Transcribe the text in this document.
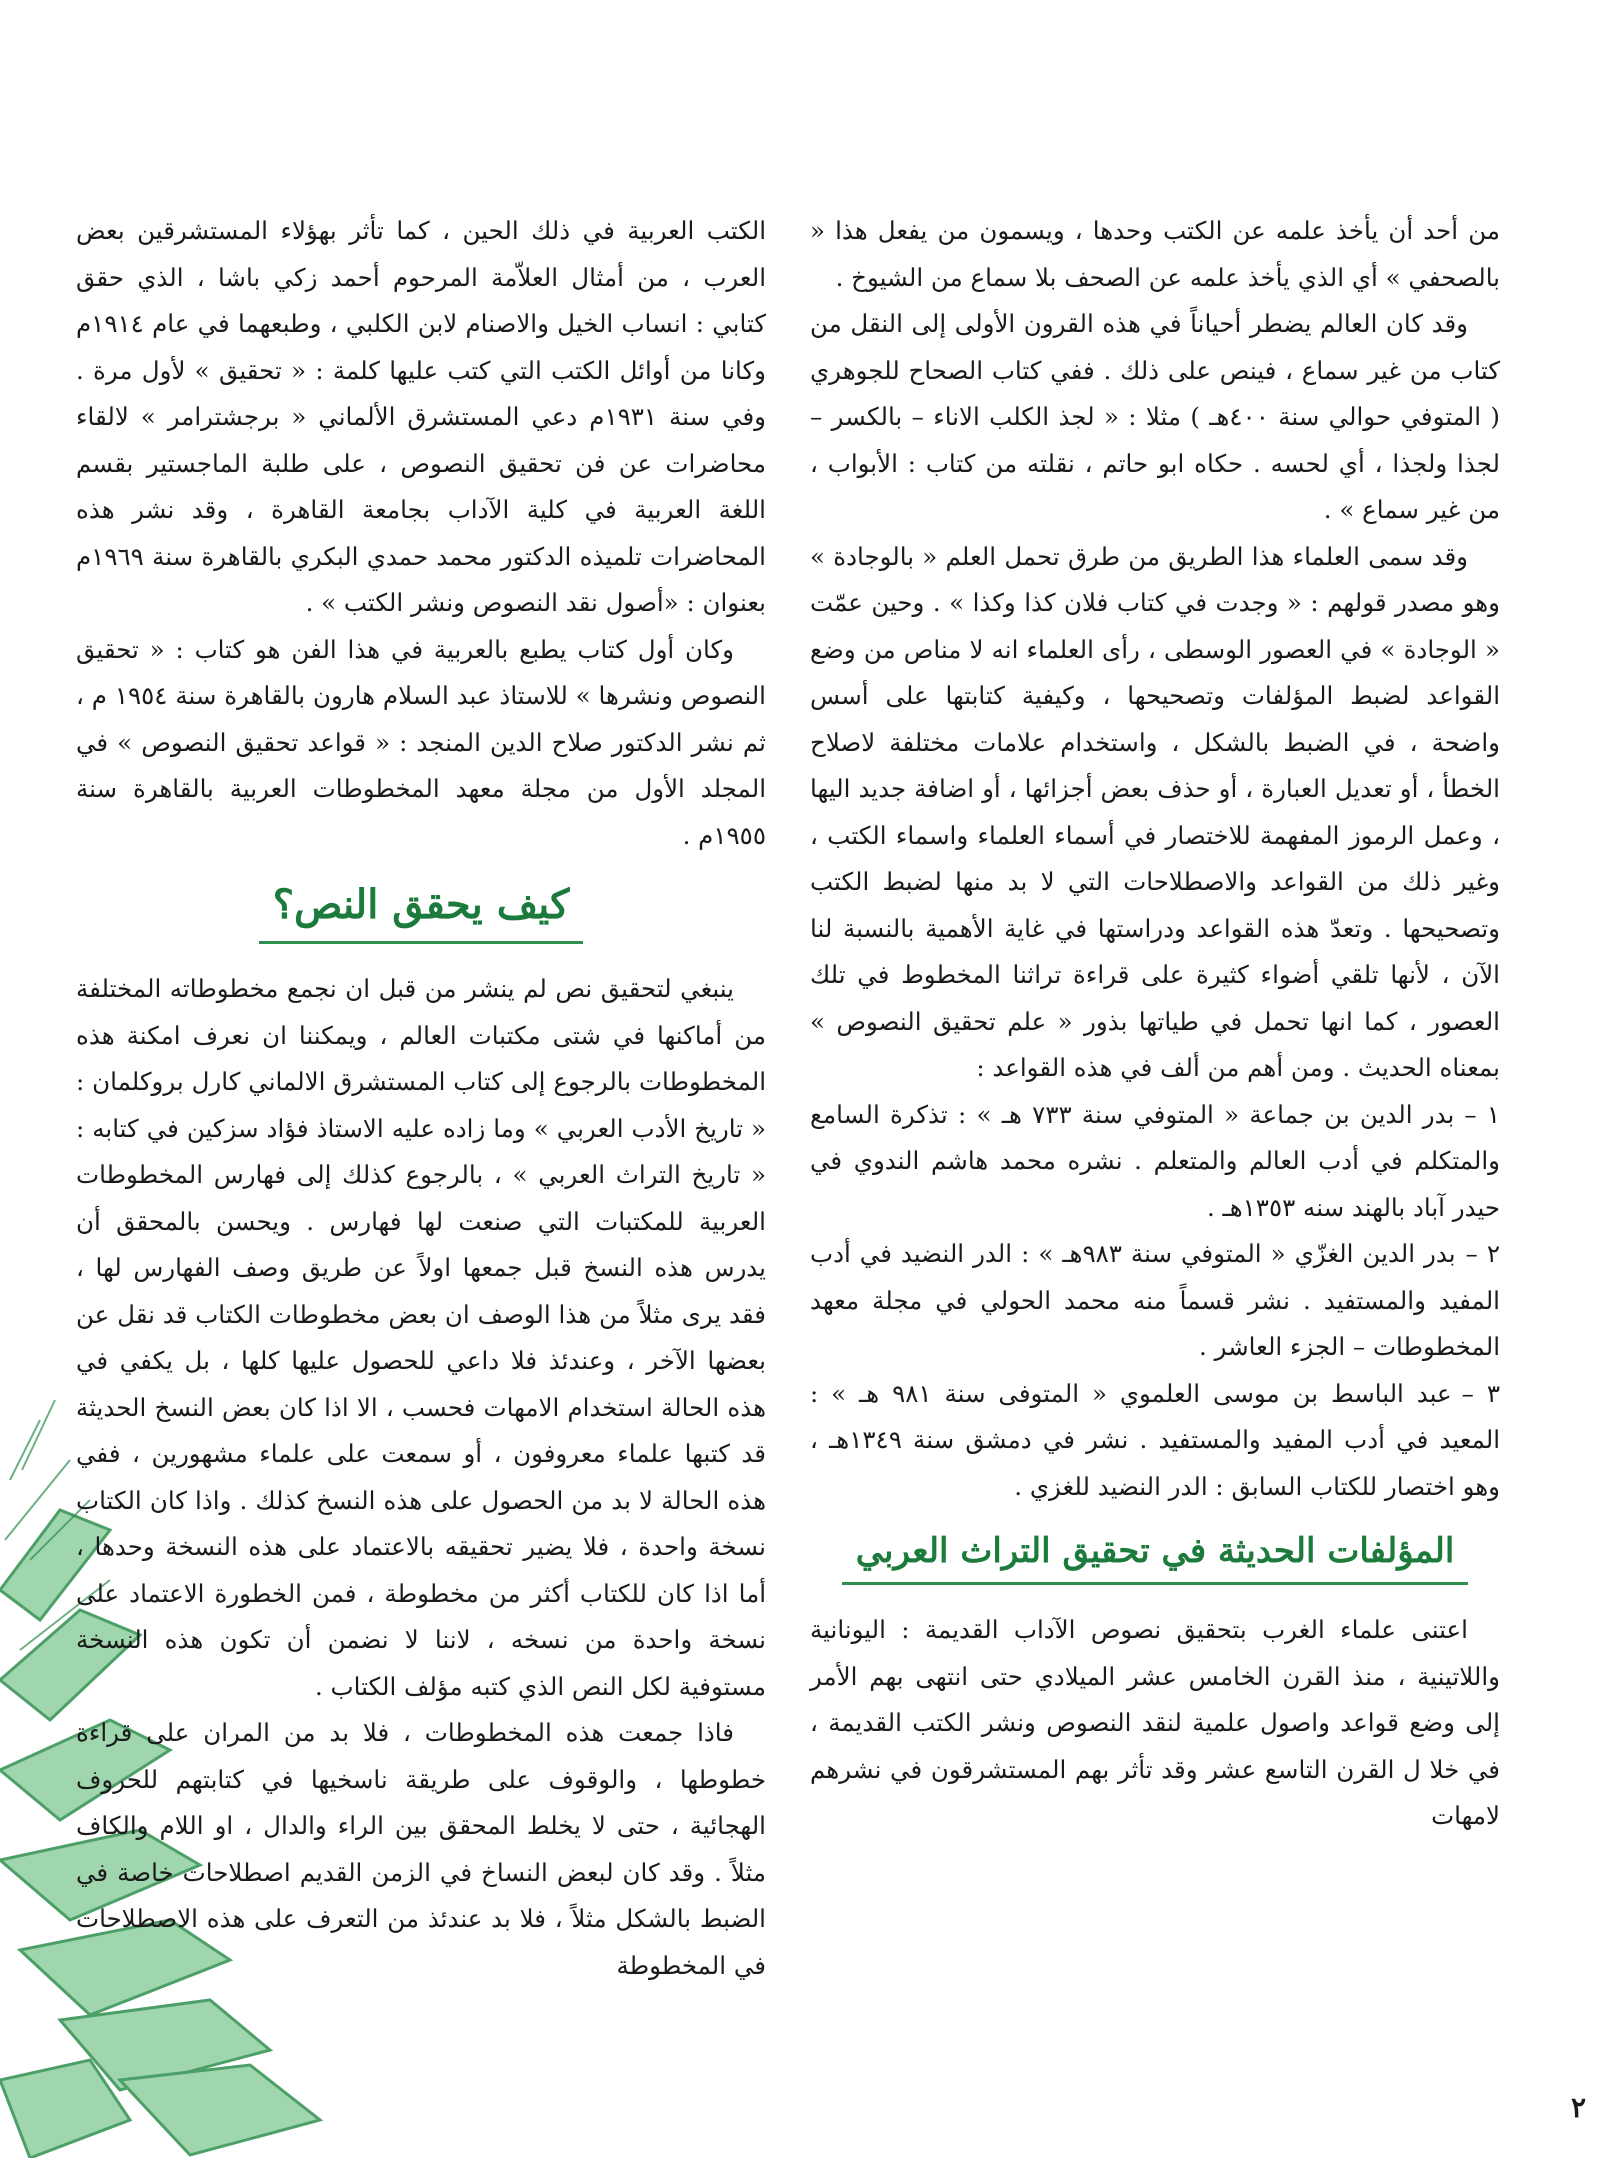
من أحد أن يأخذ علمه عن الكتب وحدها ، ويسمون من يفعل هذا « بالصحفي » أي الذي يأخذ علمه عن الصحف بلا سماع من الشيوخ .

وقد كان العالم يضطر أحياناً في هذه القرون الأولى إلى النقل من كتاب من غير سماع ، فينص على ذلك . ففي كتاب الصحاح للجوهري ( المتوفي حوالي سنة ٤٠٠هـ ) مثلا : « لجذ الكلب الاناء – بالكسر – لجذا ولجذا ، أي لحسه . حكاه ابو حاتم ، نقلته من كتاب : الأبواب ، من غير سماع » .

وقد سمى العلماء هذا الطريق من طرق تحمل العلم « بالوجادة » وهو مصدر قولهم : « وجدت في كتاب فلان كذا وكذا » . وحين عمّت « الوجادة » في العصور الوسطى ، رأى العلماء انه لا مناص من وضع القواعد لضبط المؤلفات وتصحيحها ، وكيفية كتابتها على أسس واضحة ، في الضبط بالشكل ، واستخدام علامات مختلفة لاصلاح الخطأ ، أو تعديل العبارة ، أو حذف بعض أجزائها ، أو اضافة جديد اليها ، وعمل الرموز المفهمة للاختصار في أسماء العلماء واسماء الكتب ، وغير ذلك من القواعد والاصطلاحات التي لا بد منها لضبط الكتب وتصحيحها . وتعدّ هذه القواعد ودراستها في غاية الأهمية بالنسبة لنا الآن ، لأنها تلقي أضواء كثيرة على قراءة تراثنا المخطوط في تلك العصور ، كما انها تحمل في طياتها بذور « علم تحقيق النصوص » بمعناه الحديث . ومن أهم من ألف في هذه القواعد :

١ –بدر الدين بن جماعة « المتوفي سنة ٧٣٣ هـ » : تذكرة السامع والمتكلم في أدب العالم والمتعلم . نشره محمد هاشم الندوي في حيدر آباد بالهند سنه ١٣٥٣هـ .
٢ –بدر الدين الغزّي « المتوفي سنة ٩٨٣هـ » : الدر النضيد في أدب المفيد والمستفيد . نشر قسماً منه محمد الحولي في مجلة معهد المخطوطات – الجزء العاشر .
٣ –عبد الباسط بن موسى العلموي « المتوفى سنة ٩٨١ هـ » : المعيد في أدب المفيد والمستفيد . نشر في دمشق سنة ١٣٤٩هـ ، وهو اختصار للكتاب السابق : الدر النضيد للغزي .
المؤلفات الحديثة في تحقيق التراث العربي

اعتنى علماء الغرب بتحقيق نصوص الآداب القديمة : اليونانية واللاتينية ، منذ القرن الخامس عشر الميلادي حتى انتهى بهم الأمر إلى وضع قواعد واصول علمية لنقد النصوص ونشر الكتب القديمة ، في خلا ل القرن التاسع عشر وقد تأثر بهم المستشرقون في نشرهم لامهات

الكتب العربية في ذلك الحين ، كما تأثر بهؤلاء المستشرقين بعض العرب ، من أمثال العلاّمة المرحوم أحمد زكي باشا ، الذي حقق كتابي : انساب الخيل والاصنام لابن الكلبي ، وطبعهما في عام ١٩١٤م وكانا من أوائل الكتب التي كتب عليها كلمة : « تحقيق » لأول مرة . وفي سنة ١٩٣١م دعي المستشرق الألماني « برجشترامر » لالقاء محاضرات عن فن تحقيق النصوص ، على طلبة الماجستير بقسم اللغة العربية في كلية الآداب بجامعة القاهرة ، وقد نشر هذه المحاضرات تلميذه الدكتور محمد حمدي البكري بالقاهرة سنة ١٩٦٩م بعنوان : «أصول نقد النصوص ونشر الكتب » .

وكان أول كتاب يطبع بالعربية في هذا الفن هو كتاب : « تحقيق النصوص ونشرها » للاستاذ عبد السلام هارون بالقاهرة سنة ١٩٥٤ م ، ثم نشر الدكتور صلاح الدين المنجد : « قواعد تحقيق النصوص » في المجلد الأول من مجلة معهد المخطوطات العربية بالقاهرة سنة ١٩٥٥م .

كيف يحقق النص؟

ينبغي لتحقيق نص لم ينشر من قبل ان نجمع مخطوطاته المختلفة من أماكنها في شتى مكتبات العالم ، ويمكننا ان نعرف امكنة هذه المخطوطات بالرجوع إلى كتاب المستشرق الالماني كارل بروكلمان : « تاريخ الأدب العربي » وما زاده عليه الاستاذ فؤاد سزكين في كتابه : « تاريخ التراث العربي » ، بالرجوع كذلك إلى فهارس المخطوطات العربية للمكتبات التي صنعت لها فهارس . ويحسن بالمحقق أن يدرس هذه النسخ قبل جمعها اولاً عن طريق وصف الفهارس لها ، فقد يرى مثلاً من هذا الوصف ان بعض مخطوطات الكتاب قد نقل عن بعضها الآخر ، وعندئذ فلا داعي للحصول عليها كلها ، بل يكفي في هذه الحالة استخدام الامهات فحسب ، الا اذا كان بعض النسخ الحديثة قد كتبها علماء معروفون ، أو سمعت على علماء مشهورين ، ففي هذه الحالة لا بد من الحصول على هذه النسخ كذلك . واذا كان الكتاب نسخة واحدة ، فلا يضير تحقيقه بالاعتماد على هذه النسخة وحدها ، أما اذا كان للكتاب أكثر من مخطوطة ، فمن الخطورة الاعتماد على نسخة واحدة من نسخه ، لاننا لا نضمن أن تكون هذه النسخة مستوفية لكل النص الذي كتبه مؤلف الكتاب .

فاذا جمعت هذه المخطوطات ، فلا بد من المران على قراءة خطوطها ، والوقوف على طريقة ناسخيها في كتابتهم للحروف الهجائية ، حتى لا يخلط المحقق بين الراء والدال ، او اللام والكاف مثلاً . وقد كان لبعض النساخ في الزمن القديم اصطلاحات خاصة في الضبط بالشكل مثلاً ، فلا بد عندئذ من التعرف على هذه الاصطلاحات في المخطوطة

٢
